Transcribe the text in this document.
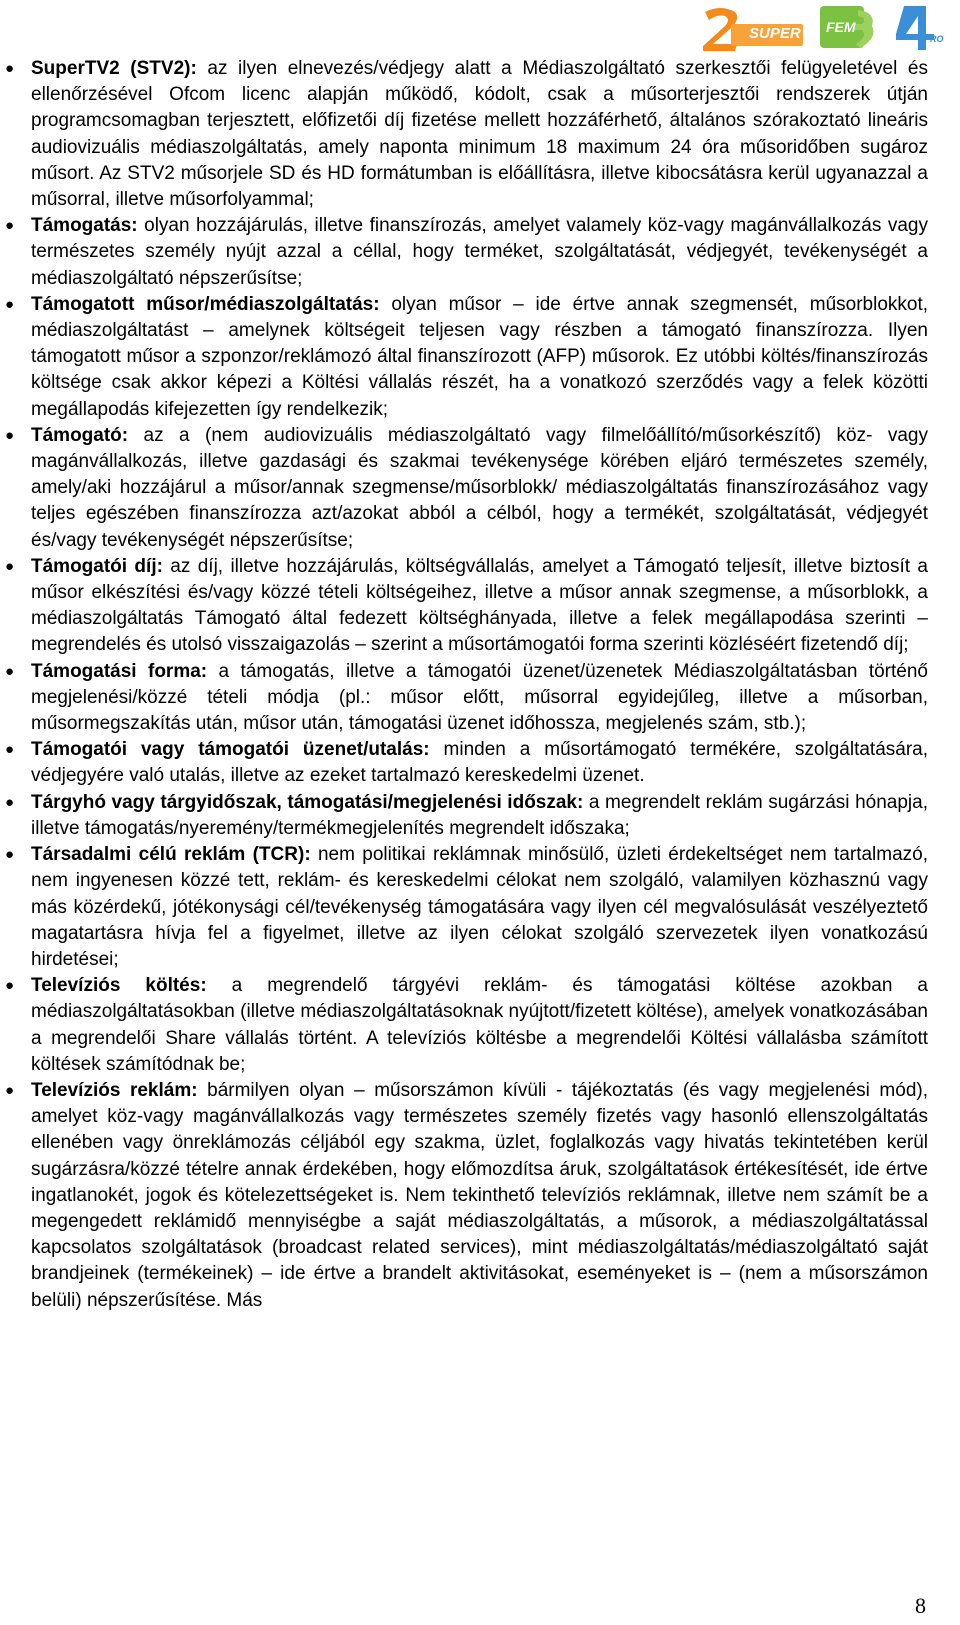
SUPER FEM
PRO
● SuperTV2 (STV2): az ilyen elnevezés/védjegy alatt a Médiaszolgáltató szerkesztői felügyeletével és ellenőrzésével Ofcom licenc alapján működő, kódolt, csak a műsorterjesztői rendszerek útján programcsomagban terjesztett, előfizetői díj fizetése mellett hozzáférhető, általános szórakoztató lineáris audiovizuális médiaszolgáltatás, amely naponta minimum 18 maximum 24 óra műsoridőben sugároz műsort. Az STV2 műsorjele SD és HD formátumban is előállításra, illetve kibocsátásra kerül ugyanazzal a műsorral, illetve műsorfolyammal;
● Támogatás: olyan hozzájárulás, illetve finanszírozás, amelyet valamely köz-vagy magánvállalkozás vagy természetes személy nyújt azzal a céllal, hogy terméket, szolgáltatását, védjegyét, tevékenységét a médiaszolgáltató népszerűsítse;
● Támogatott műsor/médiaszolgáltatás: olyan műsor – ide értve annak szegmensét, műsorblokkot, médiaszolgáltatást – amelynek költségeit teljesen vagy részben a támogató finanszírozza. Ilyen támogatott műsor a szponzor/reklámozó által finanszírozott (AFP) műsorok. Ez utóbbi költés/finanszírozás költsége csak akkor képezi a Költési vállalás részét, ha a vonatkozó szerződés vagy a felek közötti megállapodás kifejezetten így rendelkezik;
● Támogató: az a (nem audiovizuális médiaszolgáltató vagy filmelőállító/műsorkészítő) köz- vagy magánvállalkozás, illetve gazdasági és szakmai tevékenysége körében eljáró természetes személy, amely/aki hozzájárul a műsor/annak szegmense/műsorblokk/ médiaszolgáltatás finanszírozásához vagy teljes egészében finanszírozza azt/azokat abból a célból, hogy a termékét, szolgáltatását, védjegyét és/vagy tevékenységét népszerűsítse;
● Támogatói díj: az díj, illetve hozzájárulás, költségvállalás, amelyet a Támogató teljesít, illetve biztosít a műsor elkészítési és/vagy közzé tételi költségeihez, illetve a műsor annak szegmense, a műsorblokk, a médiaszolgáltatás Támogató által fedezett költséghányada, illetve a felek megállapodása szerinti – megrendelés és utolsó visszaigazolás – szerint a műsortámogatói forma szerinti közléséért fizetendő díj;
● Támogatási forma: a támogatás, illetve a támogatói üzenet/üzenetek Médiaszolgáltatásban történő megjelenési/közzé tételi módja (pl.: műsor előtt, műsorral egyidejűleg, illetve a műsorban, műsormegszakítás után, műsor után, támogatási üzenet időhossza, megjelenés szám, stb.);
● Támogatói vagy támogatói üzenet/utalás: minden a műsortámogató termékére, szolgáltatására, védjegyére való utalás, illetve az ezeket tartalmazó kereskedelmi üzenet.
● Tárgyhó vagy tárgyidőszak, támogatási/megjelenési időszak: a megrendelt reklám sugárzási hónapja, illetve támogatás/nyeremény/termékmegjelenítés megrendelt időszaka;
● Társadalmi célú reklám (TCR): nem politikai reklámnak minősülő, üzleti érdekeltséget nem tartalmazó, nem ingyenesen közzé tett, reklám- és kereskedelmi célokat nem szolgáló, valamilyen közhasznú vagy más közérdekű, jótékonysági cél/tevékenység támogatására vagy ilyen cél megvalósulását veszélyeztető magatartásra hívja fel a figyelmet, illetve az ilyen célokat szolgáló szervezetek ilyen vonatkozású hirdetései;
● Televíziós költés: a megrendelő tárgyévi reklám- és támogatási költése azokban a médiaszolgáltatásokban (illetve médiaszolgáltatásoknak nyújtott/fizetett költése), amelyek vonatkozásában a megrendelői Share vállalás történt. A televíziós költésbe a megrendelői Költési vállalásba számított költések számítódnak be;
● Televíziós reklám: bármilyen olyan – műsorszámon kívüli - tájékoztatás (és vagy megjelenési mód), amelyet köz-vagy magánvállalkozás vagy természetes személy fizetés vagy hasonló ellenszolgáltatás ellenében vagy önreklámozás céljából egy szakma, üzlet, foglalkozás vagy hivatás tekintetében kerül sugárzásra/közzé tételre annak érdekében, hogy előmozdítsa áruk, szolgáltatások értékesítését, ide értve ingatlanokét, jogok és kötelezettségeket is. Nem tekinthető televíziós reklámnak, illetve nem számít be a megengedett reklámidő mennyiségbe a saját médiaszolgáltatás, a műsorok, a médiaszolgáltatással kapcsolatos szolgáltatások (broadcast related services), mint médiaszolgáltatás/médiaszolgáltató saját brandjeinek (termékeinek) – ide értve a brandelt aktivitásokat, eseményeket is – (nem a műsorszámon belüli) népszerűsítése. Más
8
